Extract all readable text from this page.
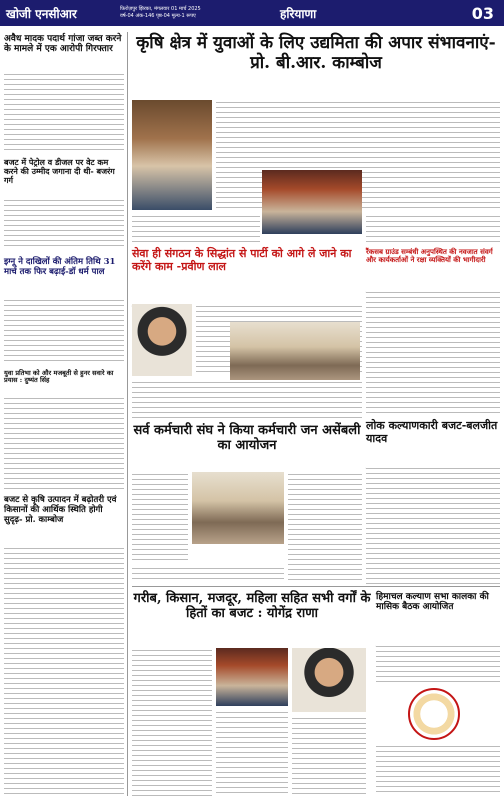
खोजी एनसीआर	फ़िरोज़पुर झिरका, मंगलवार 01 मार्च 2025
वर्ष-04 अंक-146 पृष्ठ-04 मूल्य-1 रूपए	हरियाणा	03
अवैध मादक पदार्थ गांजा जब्त करने के मामले में एक आरोपी गिरफ्तार
बजट में पेट्रोल व डीजल पर वेट कम करने की उम्मीद जगाना दी थी- बजरंग गर्ग
इग्नू ने दाखिलों की अंतिम तिथि 31 मार्च तक फिर बढ़ाई-डॉ धर्म पाल
युवा प्रतिभा को और मजबूती से हुनर सवारे का प्रयास : दुष्यंत सिंह
बजट से कृषि उत्पादन में बढ़ोतरी एवं किसानों की आर्थिक स्थिति होगी सुदृढ़- प्रो. काम्बोज
कृषि क्षेत्र में युवाओं के लिए उद्यमिता की अपार संभावनाएं-प्रो. बी.आर. काम्बोज
सेवा ही संगठन के सिद्धांत से पार्टी को आगे ले जाने का करेंगे काम -प्रवीण लाल
रैंकसब ग्राउंड सम्बंधी अनुपस्थित की नवजात संवर्ग और कार्यकर्ताओं ने रक्षा व्यक्तियों की भागीदारी
लोक कल्याणकारी बजट-बलजीत यादव
सर्व कर्मचारी संघ ने किया कर्मचारी जन असेंबली का आयोजन
गरीब, किसान, मजदूर, महिला सहित सभी वर्गों के हितों का बजट : योगेंद्र राणा
हिमाचल कल्याण सभा कालका की मासिक बैठक आयोजित
